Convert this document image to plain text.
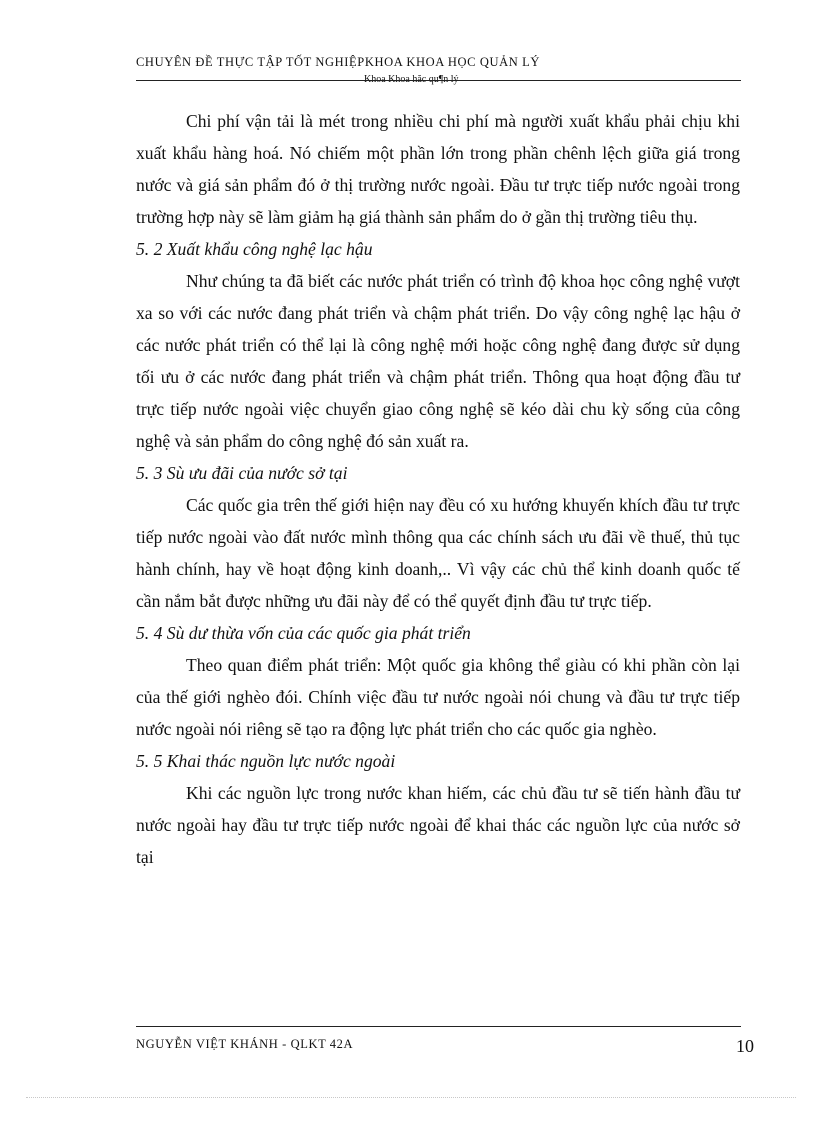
CHUYÊN ĐỀ THỰC TẬP TỐT NGHIỆPKHOA KHOA HỌC QUẢN LÝ
Khoa Khoa hăc qu¶n lý

Chi phí vận tải là mét trong nhiều chi phí mà người xuất khẩu phải chịu khi xuất khẩu hàng hoá. Nó chiếm một phần lớn trong phần chênh lệch giữa giá trong nước và giá sản phẩm đó ở thị trường nước ngoài. Đầu tư trực tiếp nước ngoài trong trường hợp này sẽ làm giảm hạ giá thành sản phẩm do ở gần thị trường tiêu thụ.

5. 2 Xuất khẩu công nghệ lạc hậu

Như chúng ta đã biết các nước phát triển có trình độ khoa học công nghệ vượt xa so với các nước đang phát triển và chậm phát triển. Do vậy công nghệ lạc hậu ở các nước phát triển có thể lại là công nghệ mới hoặc công nghệ đang được sử dụng tối ưu ở các nước đang phát triển và chậm phát triển. Thông qua hoạt động đầu tư trực tiếp nước ngoài việc chuyển giao công nghệ sẽ kéo dài chu kỳ sống của công nghệ và sản phẩm do công nghệ đó sản xuất ra.

5. 3 Sù ưu đãi của nước sở tại

Các quốc gia trên thế giới hiện nay đều có xu hướng khuyến khích đầu tư trực tiếp nước ngoài vào đất nước mình thông qua các chính sách ưu đãi về thuế, thủ tục hành chính, hay về hoạt động kinh doanh,.. Vì vậy các chủ thể kinh doanh quốc tế cần nắm bắt được những ưu đãi này để có thể quyết định đầu tư trực tiếp.

5. 4 Sù dư thừa vốn của các quốc gia phát triển

Theo quan điểm phát triển: Một quốc gia không thể giàu có khi phần còn lại của thế giới nghèo đói. Chính việc đầu tư nước ngoài nói chung và đầu tư trực tiếp nước ngoài nói riêng sẽ tạo ra động lực phát triển cho các quốc gia nghèo.

5. 5 Khai thác nguồn lực nước ngoài

Khi các nguồn lực trong nước khan hiếm, các chủ đầu tư sẽ tiến hành đầu tư nước ngoài hay đầu tư trực tiếp nước ngoài để khai thác các nguồn lực của nước sở tại

NGUYỄN VIỆT KHÁNH - QLKT 42A	10
